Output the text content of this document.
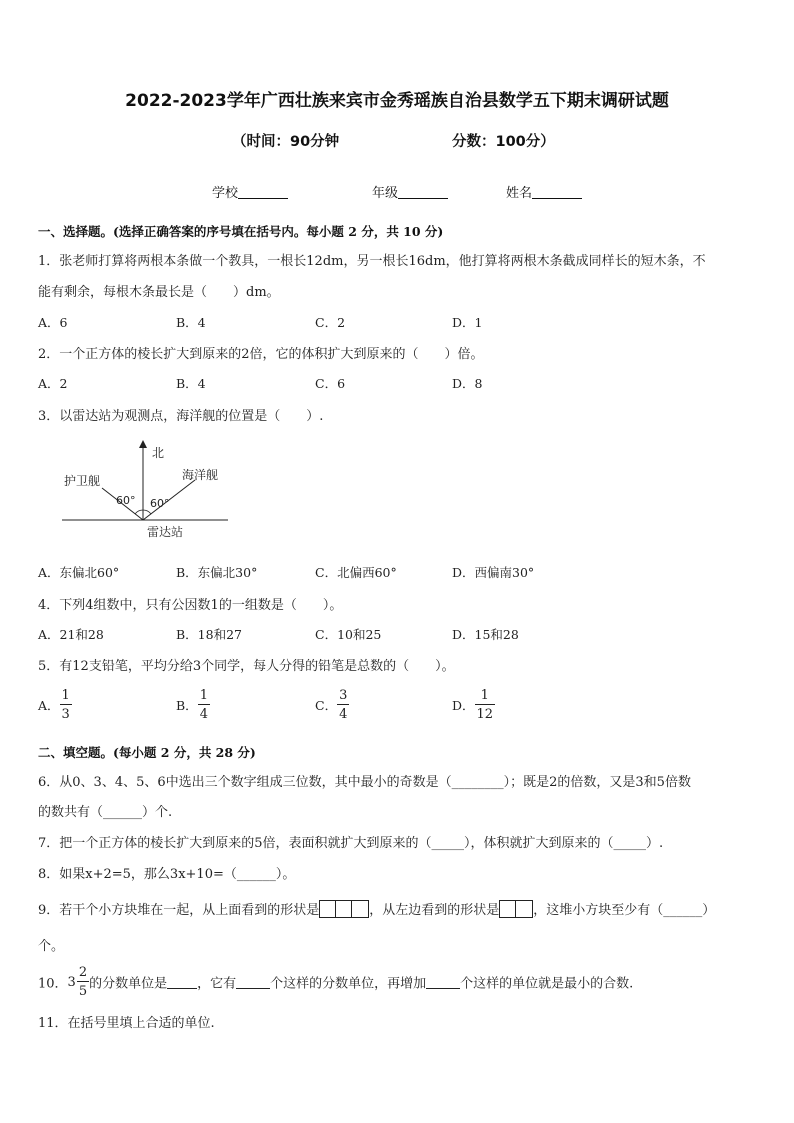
2022-2023学年广西壮族来宾市金秀瑶族自治县数学五下期末调研试题
（时间：90分钟	分数：100分）
学校	年级	姓名
一、选择题。(选择正确答案的序号填在括号内。每小题 2 分，共 10 分)
1．张老师打算将两根本条做一个教具，一根长12dm，另一根长16dm，他打算将两根木条截成同样长的短木条，不
能有剩余，每根木条最长是（　　）dm。
A．6	B．4	C．2	D．1
2．一个正方体的棱长扩大到原来的2倍，它的体积扩大到原来的（　　）倍。
A．2	B．4	C．6	D．8
3．以雷达站为观测点，海洋舰的位置是（　　）.
北
护卫舰	海洋舰
60° 60°
雷达站
A．东偏北60°	B．东偏北30°	C．北偏西60°	D．西偏南30°
4．下列4组数中，只有公因数1的一组数是（　　）。
A．21和28	B．18和27	C．10和25	D．15和28
5．有12支铅笔，平均分给3个同学，每人分得的铅笔是总数的（　　）。
A． $\frac{1}{3}$	B． $\frac{1}{4}$	C． $\frac{3}{4}$	D． $\frac{1}{12}$
二、填空题。(每小题 2 分，共 28 分)
6．从0、3、4、5、6中选出三个数字组成三位数，其中最小的奇数是（________）；既是2的倍数，又是3和5倍数
的数共有（______）个.
7．把一个正方体的棱长扩大到原来的5倍，表面积就扩大到原来的（_____），体积就扩大到原来的（_____）.
8．如果x+2=5，那么3x+10=（______）。
9．若干个小方块堆在一起，从上面看到的形状是	，从左边看到的形状是	，这堆小方块至少有（______）
个。
10．$3 \frac{2}{5}$ 的分数单位是 ，它有	个这样的分数单位，再增加	个这样的单位就是最小的合数.
11．在括号里填上合适的单位.
